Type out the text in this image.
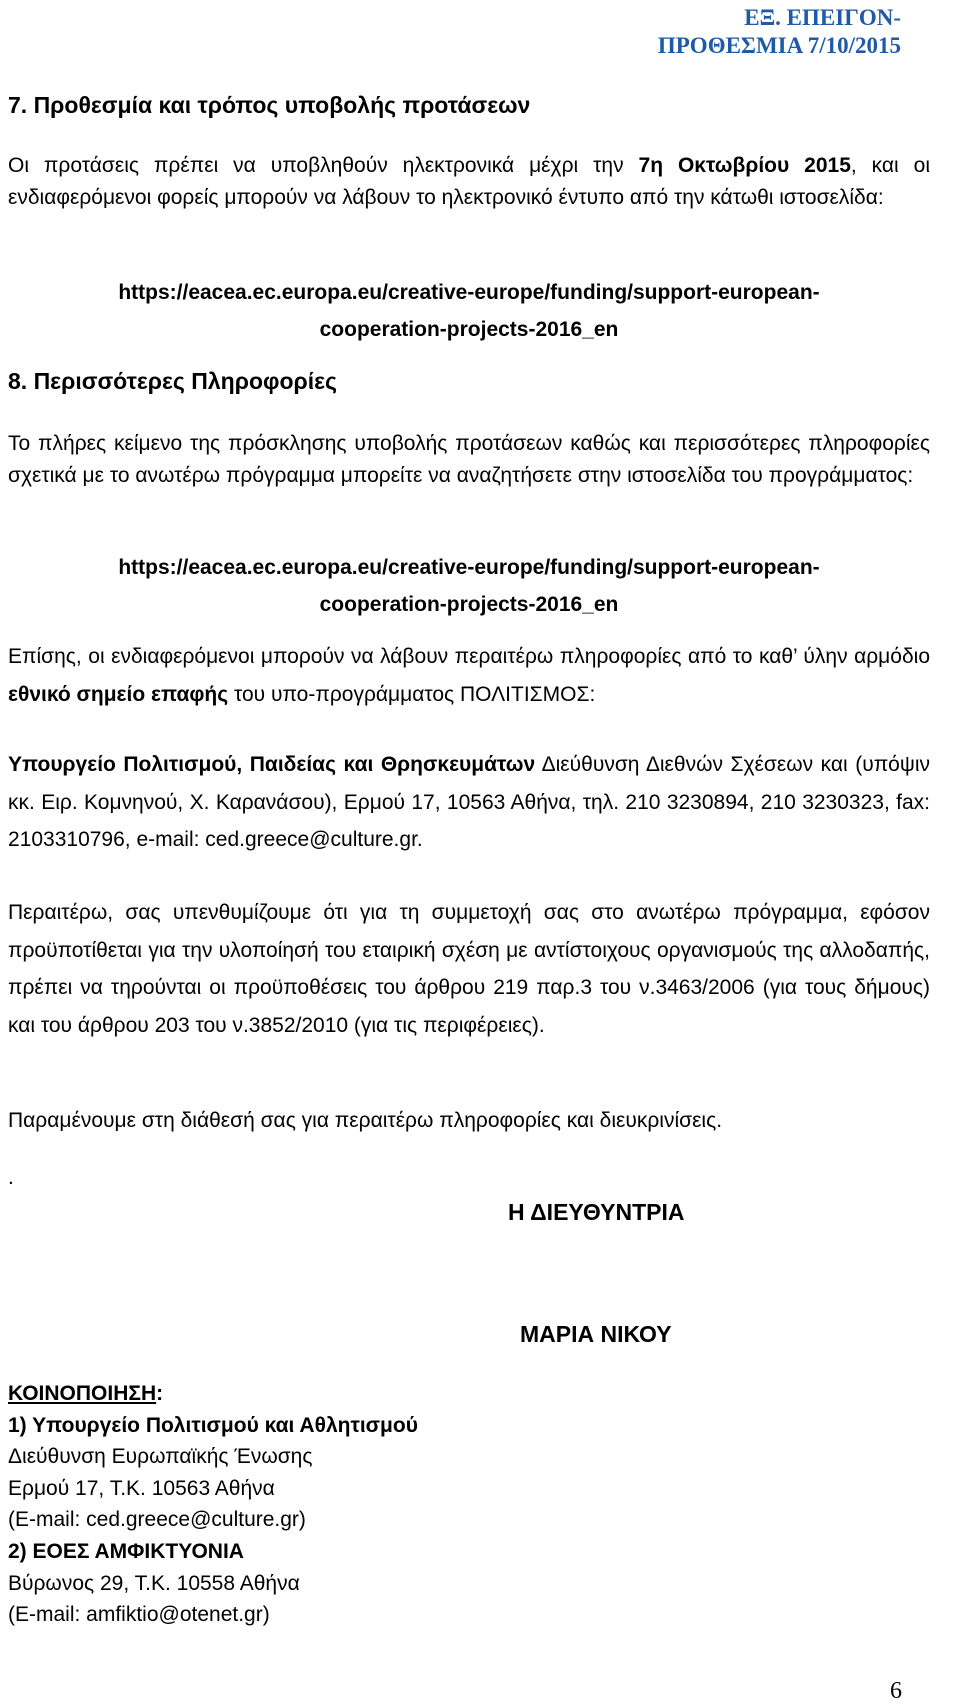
ΕΞ. ΕΠΕΙΓΟΝ-
ΠΡΟΘΕΣΜΙΑ 7/10/2015

7. Προθεσμία και τρόπος υποβολής προτάσεων

Οι προτάσεις πρέπει να υποβληθούν ηλεκτρονικά μέχρι την 7η Οκτωβρίου 2015, και οι ενδιαφερόμενοι φορείς μπορούν να λάβουν το ηλεκτρονικό έντυπο από την κάτωθι ιστοσελίδα:

https://eacea.ec.europa.eu/creative-europe/funding/support-european-
cooperation-projects-2016_en

8. Περισσότερες Πληροφορίες

Το πλήρες κείμενο της πρόσκλησης υποβολής προτάσεων καθώς και περισσότερες πληροφορίες σχετικά με το ανωτέρω πρόγραμμα μπορείτε να αναζητήσετε στην ιστοσελίδα του προγράμματος:

https://eacea.ec.europa.eu/creative-europe/funding/support-european-
cooperation-projects-2016_en

Επίσης, οι ενδιαφερόμενοι μπορούν να λάβουν περαιτέρω πληροφορίες από το καθ’ ύλην αρμόδιο εθνικό σημείο επαφής του υπο-προγράμματος ΠΟΛΙΤΙΣΜΟΣ:

Υπουργείο Πολιτισμού, Παιδείας και Θρησκευμάτων Διεύθυνση Διεθνών Σχέσεων και (υπόψιν κκ. Ειρ. Κομνηνού, Χ. Καρανάσου), Ερμού 17, 10563 Αθήνα, τηλ. 210 3230894, 210 3230323, fax: 2103310796, e-mail: ced.greece@culture.gr.

Περαιτέρω, σας υπενθυμίζουμε ότι για τη συμμετοχή σας στο ανωτέρω πρόγραμμα, εφόσον προϋποτίθεται για την υλοποίησή του εταιρική σχέση με αντίστοιχους οργανισμούς της αλλοδαπής, πρέπει να τηρούνται οι προϋποθέσεις του άρθρου 219 παρ.3 του ν.3463/2006 (για τους δήμους) και του άρθρου 203 του ν.3852/2010 (για τις περιφέρειες).

Παραμένουμε στη διάθεσή σας για περαιτέρω πληροφορίες και διευκρινίσεις.

.
Η ΔΙΕΥΘΥΝΤΡΙΑ
ΜΑΡΙΑ ΝΙΚΟΥ
ΚΟΙΝΟΠΟΙΗΣΗ:
1) Υπουργείο Πολιτισμού και Αθλητισμού
Διεύθυνση Ευρωπαϊκής Ένωσης
Ερμού 17, Τ.Κ. 10563 Αθήνα
(E-mail: ced.greece@culture.gr)
2) ΕΟΕΣ ΑΜΦΙΚΤΥΟΝΙΑ
Βύρωνος 29, Τ.Κ. 10558 Αθήνα
(E-mail: amfiktio@otenet.gr)
6
